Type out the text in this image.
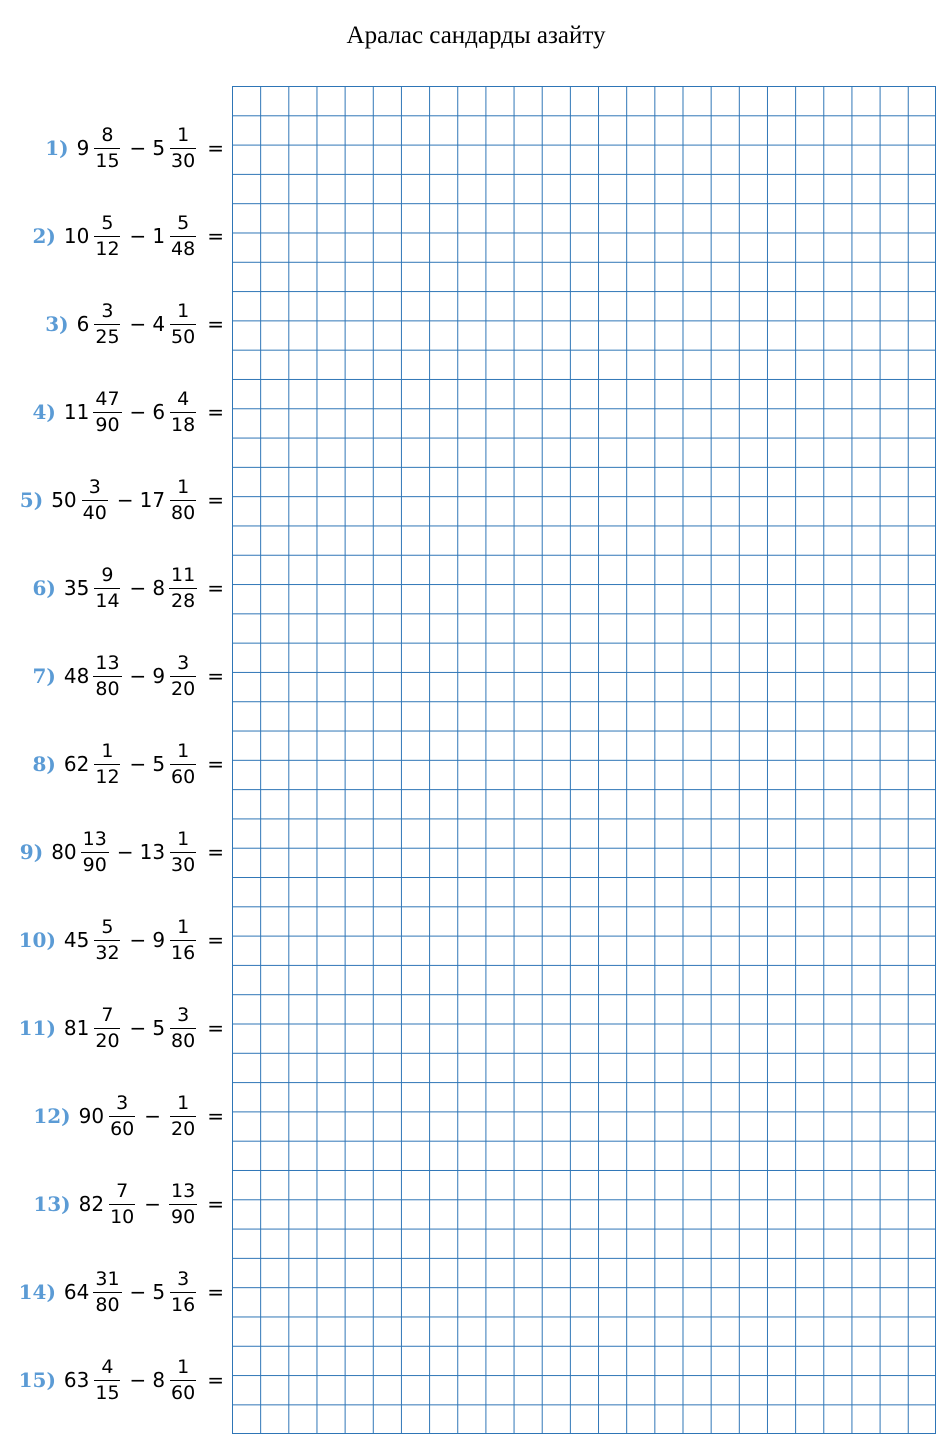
Аралас сандарды азайту
1) $9 \frac{8}{15} - 5 \frac{1}{30}$ =
2) $10 \frac{5}{12} - 1 \frac{5}{48}$ =
3) $6 \frac{3}{25} - 4 \frac{1}{50}$ =
4) $11 \frac{47}{90} - 6 \frac{4}{18}$ =
5) $50 \frac{3}{40} - 17 \frac{1}{80}$ =
6) $35 \frac{9}{14} - 8 \frac{11}{28}$ =
7) $48 \frac{13}{80} - 9 \frac{3}{20}$ =
8) $62 \frac{1}{12} - 5 \frac{1}{60}$ =
9) $80 \frac{13}{90} - 13 \frac{1}{30}$ =
10) $45 \frac{5}{32} - 9 \frac{1}{16}$ =
11) $81 \frac{7}{20} - 5 \frac{3}{80}$ =
12) $90 \frac{3}{60} - \frac{1}{20}$ =
13) $82 \frac{7}{10} - \frac{13}{90}$ =
14) $64 \frac{31}{80} - 5 \frac{3}{16}$ =
15) $63 \frac{4}{15} - 8 \frac{1}{60}$ =
